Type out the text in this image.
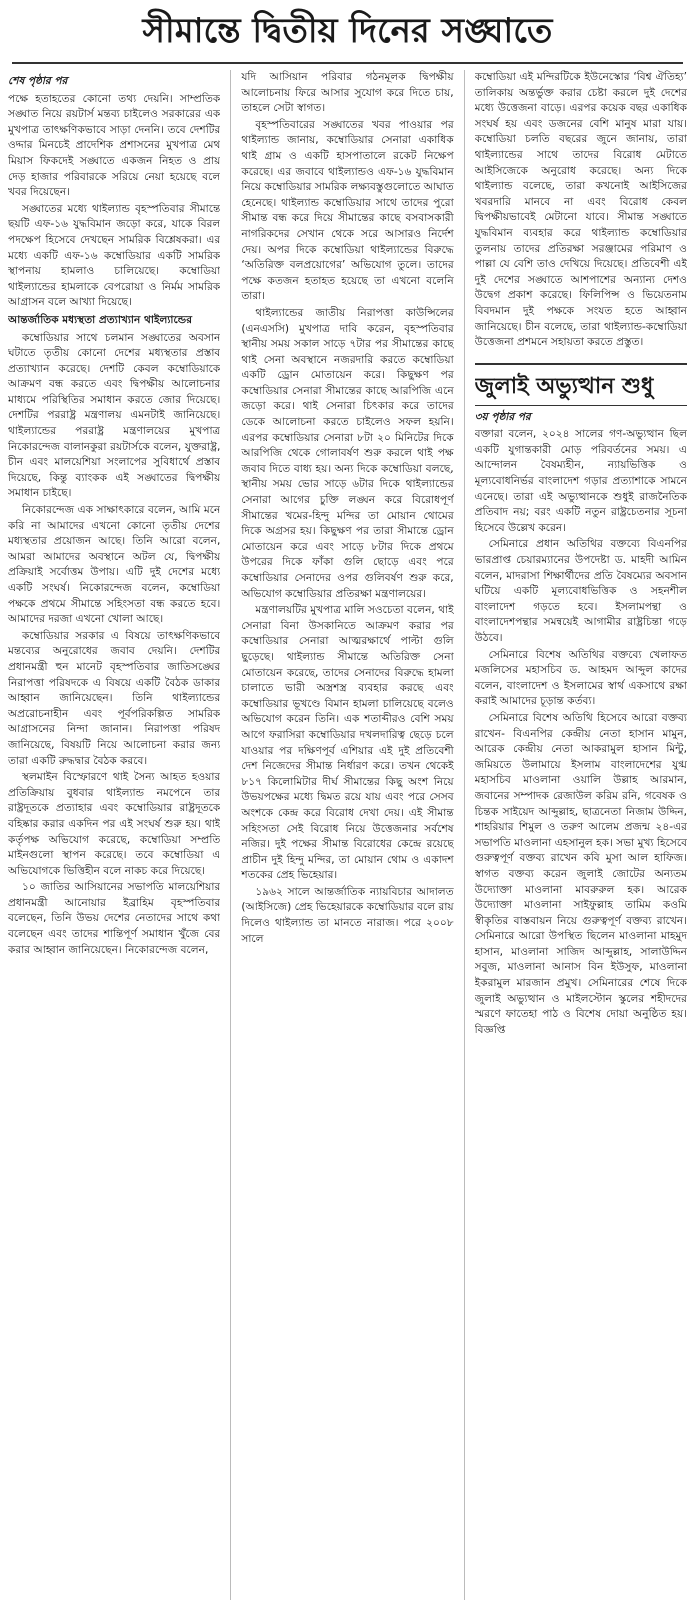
সীমান্তে দ্বিতীয় দিনের সঙ্ঘাতে
শেষ পৃষ্ঠার পর

পক্ষে হতাহতের কোনো তথ্য দেয়নি। সাম্প্রতিক সঙ্ঘাত নিয়ে রয়টার্স মন্তব্য চাইলেও সরকারের এক মুখপাত্র তাৎক্ষণিকভাবে সাড়া দেননি। তবে দেশটির ওদ্দার মিনচেই প্রাদেশিক প্রশাসনের মুখপাত্র মেথ মিয়াস ফিকদেই সঙ্ঘাতে একজন নিহত ও প্রায় দেড় হাজার পরিবারকে সরিয়ে নেয়া হয়েছে বলে খবর দিয়েছেন।

সঙ্ঘাতের মধ্যে থাইল্যান্ড বৃহস্পতিবার সীমান্তে ছয়টি এফ-১৬ যুদ্ধবিমান জড়ো করে, যাকে বিরল পদক্ষেপ হিসেবে দেখছেন সামরিক বিশ্লেষকরা। এর মধ্যে একটি এফ-১৬ কম্বোডিয়ার একটি সামরিক স্থাপনায় হামলাও চালিয়েছে। কম্বোডিয়া থাইল্যান্ডের হামলাকে বেপরোয়া ও নির্মম সামরিক আগ্রাসন বলে আখ্যা দিয়েছে।

আন্তর্জাতিক মধ্যস্থতা প্রত্যাখ্যান থাইল্যান্ডের

কম্বোডিয়ার সাথে চলমান সঙ্ঘাতের অবসান ঘটাতে তৃতীয় কোনো দেশের মধ্যস্থতার প্রস্তাব প্রত্যাখ্যান করেছে। দেশটি কেবল কম্বোডিয়াকে আক্রমণ বন্ধ করতে এবং দ্বিপক্ষীয় আলোচনার মাধ্যমে পরিস্থিতির সমাধান করতে জোর দিয়েছে। দেশটির পররাষ্ট্র মন্ত্রণালয় এমনটাই জানিয়েছে। থাইল্যান্ডের পররাষ্ট্র মন্ত্রণালয়ের মুখপাত্র নিকোরন্দেজ বালানকুরা রয়টার্সকে বলেন, যুক্তরাষ্ট্র, চীন এবং মালয়েশিয়া সংলাপের সুবিধার্থে প্রস্তাব দিয়েছে, কিন্তু ব্যাংকক এই সঙ্ঘাতের দ্বিপক্ষীয় সমাধান চাইছে।

নিকোরন্দেজ এক সাক্ষাৎকারে বলেন, আমি মনে করি না আমাদের এখনো কোনো তৃতীয় দেশের মধ্যস্থতার প্রয়োজন আছে। তিনি আরো বলেন, আমরা আমাদের অবস্থানে অটল যে, দ্বিপক্ষীয় প্রক্রিয়াই সর্বোত্তম উপায়। এটি দুই দেশের মধ্যে একটি সংঘর্ষ। নিকোরন্দেজ বলেন, কম্বোডিয়া পক্ষকে প্রথমে সীমান্তে সহিংসতা বন্ধ করতে হবে। আমাদের দরজা এখনো খোলা আছে।

কম্বোডিয়ার সরকার এ বিষয়ে তাৎক্ষণিকভাবে মন্তব্যের অনুরোধের জবাব দেয়নি। দেশটির প্রধানমন্ত্রী হুন মানেট বৃহস্পতিবার জাতিসঙ্ঘের নিরাপত্তা পরিষদকে এ বিষয়ে একটি বৈঠক ডাকার আহ্বান জানিয়েছেন। তিনি থাইল্যান্ডের অপ্ররোচনাহীন এবং পূর্বপরিকল্পিত সামরিক আগ্রাসনের নিন্দা জানান। নিরাপত্তা পরিষদ জানিয়েছে, বিষয়টি নিয়ে আলোচনা করার জন্য তারা একটি রুদ্ধদ্বার বৈঠক করবে।

স্থলমাইন বিস্ফোরণে থাই সৈন্য আহত হওয়ার প্রতিক্রিয়ায় বুধবার থাইল্যান্ড নমপেনে তার রাষ্ট্রদূতকে প্রত্যাহার এবং কম্বোডিয়ার রাষ্ট্রদূতকে বহিষ্কার করার একদিন পর এই সংঘর্ষ শুরু হয়। থাই কর্তৃপক্ষ অভিযোগ করেছে, কম্বোডিয়া সম্প্রতি মাইনগুলো স্থাপন করেছে। তবে কম্বোডিয়া এ অভিযোগকে ভিত্তিহীন বলে নাকচ করে দিয়েছে।

১০ জাতির আসিয়ানের সভাপতি মালয়েশিয়ার প্রধানমন্ত্রী আনোয়ার ইব্রাহিম বৃহস্পতিবার বলেছেন, তিনি উভয় দেশের নেতাদের সাথে কথা বলেছেন এবং তাদের শান্তিপূর্ণ সমাধান খুঁজে বের করার আহ্বান জানিয়েছেন। নিকোরন্দেজ বলেন,

যদি আসিয়ান পরিবার গঠনমূলক দ্বিপক্ষীয় আলোচনায় ফিরে আসার সুযোগ করে দিতে চায়, তাহলে সেটা স্বাগত।

বৃহস্পতিবারের সঙ্ঘাতের খবর পাওয়ার পর থাইল্যান্ড জানায়, কম্বোডিয়ার সেনারা একাধিক থাই গ্রাম ও একটি হাসপাতালে রকেট নিক্ষেপ করেছে। এর জবাবে থাইল্যান্ডও এফ-১৬ যুদ্ধবিমান নিয়ে কম্বোডিয়ার সামরিক লক্ষ্যবস্তুগুলোতে আঘাত হেনেছে। থাইল্যান্ড কম্বোডিয়ার সাথে তাদের পুরো সীমান্ত বন্ধ করে দিয়ে সীমান্তের কাছে বসবাসকারী নাগরিকদের সেখান থেকে সরে আসারও নির্দেশ দেয়। অপর দিকে কম্বোডিয়া থাইল্যান্ডের বিরুদ্ধে ‘অতিরিক্ত বলপ্রয়োগের’ অভিযোগ তুলে। তাদের পক্ষে কতজন হতাহত হয়েছে তা এখনো বলেনি তারা।

থাইল্যান্ডের জাতীয় নিরাপত্তা কাউন্সিলের (এনএসসি) মুখপাত্র দাবি করেন, বৃহস্পতিবার স্থানীয় সময় সকাল সাড়ে ৭টার পর সীমান্তের কাছে থাই সেনা অবস্থানে নজরদারি করতে কম্বোডিয়া একটি ড্রোন মোতায়েন করে। কিছুক্ষণ পর কম্বোডিয়ার সেনারা সীমান্তের কাছে আরপিজি এনে জড়ো করে। থাই সেনারা চিৎকার করে তাদের ডেকে আলোচনা করতে চাইলেও সফল হয়নি। এরপর কম্বোডিয়ার সেনারা ৮টা ২০ মিনিটের দিকে আরপিজি থেকে গোলাবর্ষণ শুরু করলে থাই পক্ষ জবাব দিতে বাধ্য হয়। অন্য দিকে কম্বোডিয়া বলছে, স্থানীয় সময় ভোর সাড়ে ৬টার দিকে থাইল্যান্ডের সেনারা আগের চুক্তি লঙ্ঘন করে বিরোধপূর্ণ সীমান্তের খমের-হিন্দু মন্দির তা মোয়ান থোমের দিকে অগ্রসর হয়। কিছুক্ষণ পর তারা সীমান্তে ড্রোন মোতায়েন করে এবং সাড়ে ৮টার দিকে প্রথমে উপরের দিকে ফাঁকা গুলি ছোড়ে এবং পরে কম্বোডিয়ার সেনাদের ওপর গুলিবর্ষণ শুরু করে, অভিযোগ কম্বোডিয়ার প্রতিরক্ষা মন্ত্রণালয়ের।

মন্ত্রণালয়টির মুখপাত্র মালি সওচেতা বলেন, থাই সেনারা বিনা উসকানিতে আক্রমণ করার পর কম্বোডিয়ার সেনারা আত্মরক্ষার্থে পাল্টা গুলি ছুড়েছে। থাইল্যান্ড সীমান্তে অতিরিক্ত সেনা মোতায়েন করেছে, তাদের সেনাদের বিরুদ্ধে হামলা চালাতে ভারী অস্ত্রশস্ত্র ব্যবহার করছে এবং কম্বোডিয়ার ভূখণ্ডে বিমান হামলা চালিয়েছে বলেও অভিযোগ করেন তিনি। এক শতাব্দীরও বেশি সময় আগে ফরাসিরা কম্বোডিয়ার দখলদারিত্ব ছেড়ে চলে যাওয়ার পর দক্ষিণপূর্ব এশিয়ার এই দুই প্রতিবেশী দেশ নিজেদের সীমান্ত নির্ধারণ করে। তখন থেকেই ৮১৭ কিলোমিটার দীর্ঘ সীমান্তের কিছু অংশ নিয়ে উভয়পক্ষের মধ্যে দ্বিমত রয়ে যায় এবং পরে সেসব অংশকে কেন্দ্র করে বিরোধ দেখা দেয়। এই সীমান্ত সহিংসতা সেই বিরোধ নিয়ে উত্তেজনার সর্বশেষ নজির। দুই পক্ষের সীমান্ত বিরোধের কেন্দ্রে রয়েছে প্রাচীন দুই হিন্দু মন্দির, তা মোয়ান থোম ও একাদশ শতকের প্রেহ ভিহেয়ার।

১৯৬২ সালে আন্তর্জাতিক ন্যায়বিচার আদালত (আইসিজে) প্রেহ ভিহেয়ারকে কম্বোডিয়ার বলে রায় দিলেও থাইল্যান্ড তা মানতে নারাজ। পরে ২০০৮ সালে

কম্বোডিয়া এই মন্দিরটিকে ইউনেস্কোর ‘বিশ্ব ঐতিহ্য’ তালিকায় অন্তর্ভুক্ত করার চেষ্টা করলে দুই দেশের মধ্যে উত্তেজনা বাড়ে। এরপর কয়েক বছর একাধিক সংঘর্ষ হয় এবং ডজনের বেশি মানুষ মারা যায়। কম্বোডিয়া চলতি বছরের জুনে জানায়, তারা থাইল্যান্ডের সাথে তাদের বিরোধ মেটাতে আইসিজেকে অনুরোধ করেছে। অন্য দিকে থাইল্যান্ড বলেছে, তারা কখনোই আইসিজের খবরদারি মানবে না এবং বিরোধ কেবল দ্বিপক্ষীয়ভাবেই মেটানো যাবে। সীমান্ত সঙ্ঘাতে যুদ্ধবিমান ব্যবহার করে থাইল্যান্ড কম্বোডিয়ার তুলনায় তাদের প্রতিরক্ষা সরঞ্জামের পরিমাণ ও পাল্লা যে বেশি তাও দেখিয়ে দিয়েছে। প্রতিবেশী এই দুই দেশের সঙ্ঘাতে আশপাশের অন্যান্য দেশও উদ্বেগ প্রকাশ করেছে। ফিলিপিন্স ও ভিয়েতনাম বিবদমান দুই পক্ষকে সংযত হতে আহ্বান জানিয়েছে। চীন বলেছে, তারা থাইল্যান্ড-কম্বোডিয়া উত্তেজনা প্রশমনে সহায়তা করতে প্রস্তুত।

জুলাই অভ্যুত্থান শুধু
৩য় পৃষ্ঠার পর

বক্তারা বলেন, ২০২৪ সালের গণ-অভ্যুত্থান ছিল একটি যুগান্তকারী মোড় পরিবর্তনের সময়। এ আন্দোলন বৈষম্যহীন, ন্যায়ভিত্তিক ও মূল্যবোধনির্ভর বাংলাদেশ গড়ার প্রত্যাশাকে সামনে এনেছে। তারা এই অভ্যুত্থানকে শুধুই রাজনৈতিক প্রতিবাদ নয়; বরং একটি নতুন রাষ্ট্রচেতনার সূচনা হিসেবে উল্লেখ করেন।

সেমিনারে প্রধান অতিথির বক্তব্যে বিএনপির ভারপ্রাপ্ত চেয়ারম্যানের উপদেষ্টা ড. মাহদী আমিন বলেন, মাদরাসা শিক্ষার্থীদের প্রতি বৈষম্যের অবসান ঘটিয়ে একটি মূল্যবোধভিত্তিক ও সহনশীল বাংলাদেশ গড়তে হবে। ইসলামপন্থা ও বাংলাদেশপন্থার সমন্বয়েই আগামীর রাষ্ট্রচিন্তা গড়ে উঠবে।

সেমিনারে বিশেষ অতিথির বক্তব্যে খেলাফত মজলিসের মহাসচিব ড. আহমদ আব্দুল কাদের বলেন, বাংলাদেশ ও ইসলামের স্বার্থ একসাথে রক্ষা করাই আমাদের চূড়ান্ত কর্তব্য।

সেমিনারে বিশেষ অতিথি হিসেবে আরো বক্তব্য রাখেন- বিএনপির কেন্দ্রীয় নেতা হাসান মামুন, আরেক কেন্দ্রীয় নেতা আকরামুল হাসান মিন্টু, জমিয়তে উলামায়ে ইসলাম বাংলাদেশের যুগ্ম মহাসচিব মাওলানা ওয়ালি উল্লাহ আরমান, জবানের সম্পাদক রেজাউল করিম রনি, গবেষক ও চিন্তক সাইয়েদ আব্দুল্লাহ, ছাত্রনেতা নিজাম উদ্দিন, শাহরিয়ার শিমুল ও তরুণ আলেম প্রজন্ম ২৪-এর সভাপতি মাওলানা এহসানুল হক। সভা মুখ্য হিসেবে গুরুত্বপূর্ণ বক্তব্য রাখেন কবি মুসা আল হাফিজ। স্বাগত বক্তব্য করেন জুলাই জোটের অন্যতম উদ্যোক্তা মাওলানা মাবরুরুল হক। আরেক উদ্যোক্তা মাওলানা সাইফুল্লাহ তামিম কওমি স্বীকৃতির বাস্তবায়ন নিয়ে গুরুত্বপূর্ণ বক্তব্য রাখেন। সেমিনারে আরো উপস্থিত ছিলেন মাওলানা মাহমুদ হাসান, মাওলানা সাজিদ আব্দুল্লাহ, সালাউদ্দিন সবুজ, মাওলানা আনাস বিন ইউসুফ, মাওলানা ইকরামুল মারজান প্রমুখ। সেমিনারের শেষে দিকে জুলাই অভ্যুত্থান ও মাইলস্টোন স্কুলের শহীদদের স্মরণে ফাতেহা পাঠ ও বিশেষ দোয়া অনুষ্ঠিত হয়। বিজ্ঞপ্তি
